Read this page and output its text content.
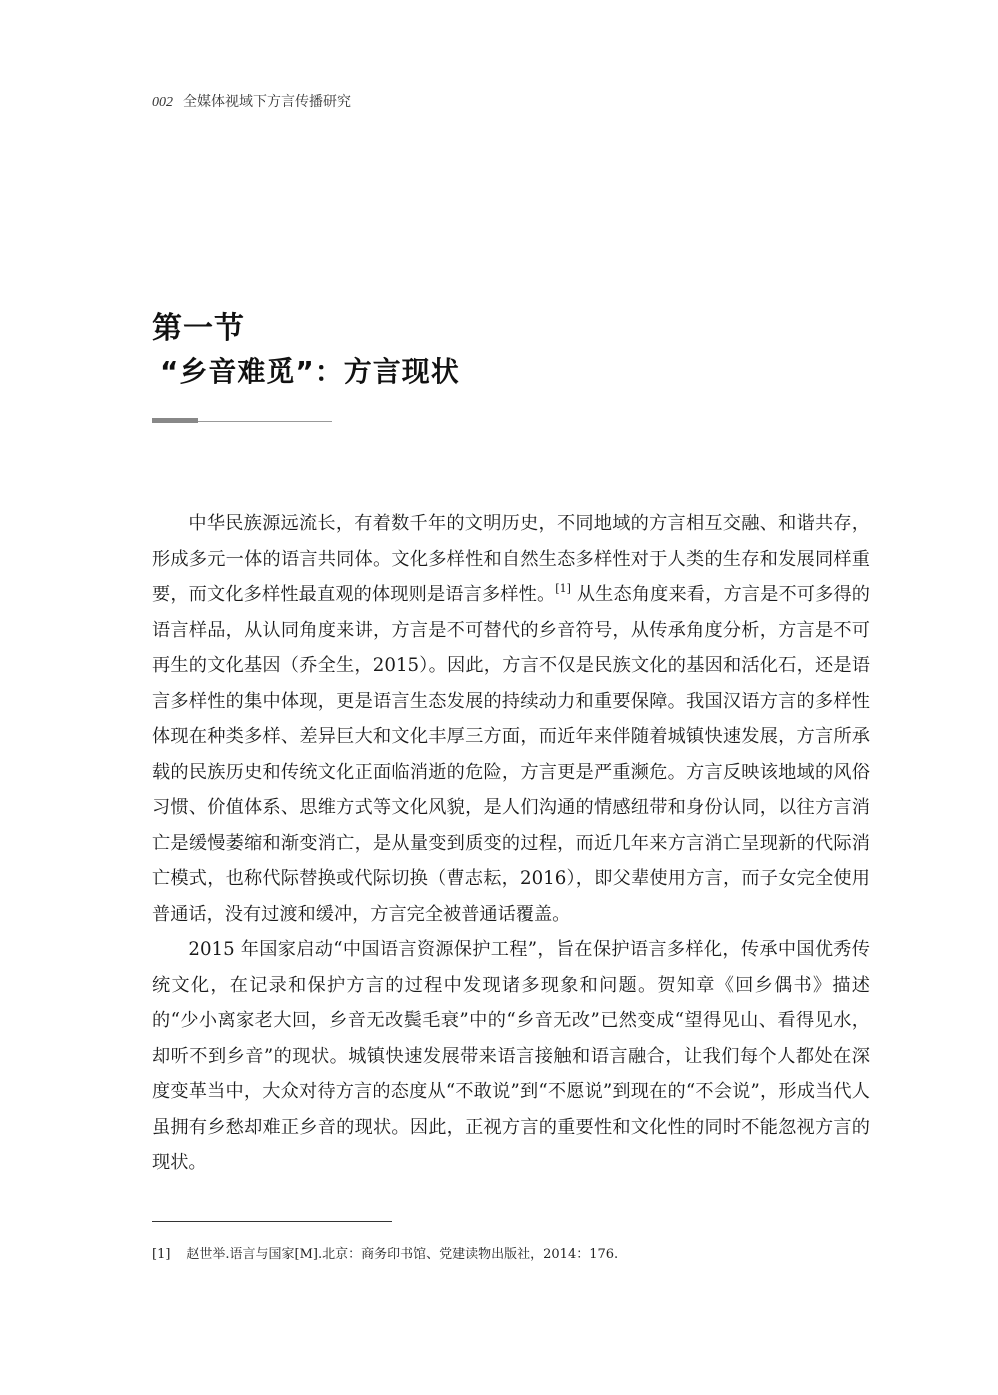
002 全媒体视域下方言传播研究
第一节
“乡音难觅”：方言现状

中华民族源远流长，有着数千年的文明历史，不同地域的方言相互交融、和谐共存，形成多元一体的语言共同体。文化多样性和自然生态多样性对于人类的生存和发展同样重要，而文化多样性最直观的体现则是语言多样性。[1] 从生态角度来看，方言是不可多得的语言样品，从认同角度来讲，方言是不可替代的乡音符号，从传承角度分析，方言是不可再生的文化基因（乔全生，2015）。因此，方言不仅是民族文化的基因和活化石，还是语言多样性的集中体现，更是语言生态发展的持续动力和重要保障。我国汉语方言的多样性体现在种类多样、差异巨大和文化丰厚三方面，而近年来伴随着城镇快速发展，方言所承载的民族历史和传统文化正面临消逝的危险，方言更是严重濒危。方言反映该地域的风俗习惯、价值体系、思维方式等文化风貌，是人们沟通的情感纽带和身份认同，以往方言消亡是缓慢萎缩和渐变消亡，是从量变到质变的过程，而近几年来方言消亡呈现新的代际消亡模式，也称代际替换或代际切换（曹志耘，2016），即父辈使用方言，而子女完全使用普通话，没有过渡和缓冲，方言完全被普通话覆盖。

2015 年国家启动“中国语言资源保护工程”，旨在保护语言多样化，传承中国优秀传统文化，在记录和保护方言的过程中发现诸多现象和问题。贺知章《回乡偶书》描述的“少小离家老大回，乡音无改鬓毛衰”中的“乡音无改”已然变成“望得见山、看得见水，却听不到乡音”的现状。城镇快速发展带来语言接触和语言融合，让我们每个人都处在深度变革当中，大众对待方言的态度从“不敢说”到“不愿说”到现在的“不会说”，形成当代人虽拥有乡愁却难正乡音的现状。因此，正视方言的重要性和文化性的同时不能忽视方言的现状。

[1] 赵世举.语言与国家[M].北京：商务印书馆、党建读物出版社，2014：176.
